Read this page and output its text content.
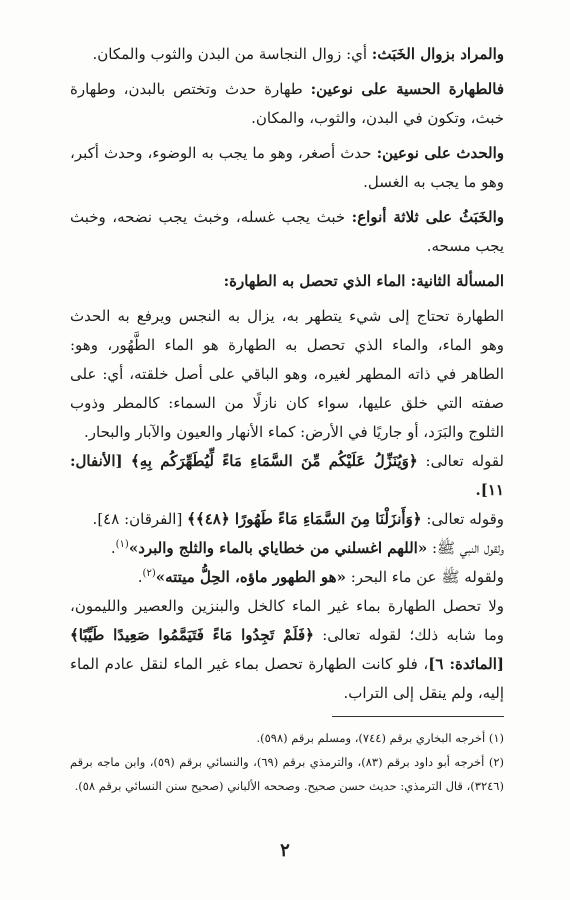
والمراد بزوال الخَبَث: أي: زوال النجاسة من البدن والثوب والمكان.

فالطهارة الحسية على نوعين: طهارة حدث وتختص بالبدن، وطهارة خبث، وتكون في البدن، والثوب، والمكان.

والحدث على نوعين: حدث أصغر، وهو ما يجب به الوضوء، وحدث أكبر، وهو ما يجب به الغسل.

والخَبَثُ على ثلاثة أنواع: خبث يجب غسله، وخبث يجب نضحه، وخبث يجب مسحه.

المسألة الثانية: الماء الذي تحصل به الطهارة:

الطهارة تحتاج إلى شيء يتطهر به، يزال به النجس ويرفع به الحدث وهو الماء، والماء الذي تحصل به الطهارة هو الماء الطَّهُور، وهو: الطاهر في ذاته المطهر لغيره، وهو الباقي على أصل خلقته، أي: على صفته التي خلق عليها، سواء كان نازلًا من السماء: كالمطر وذوب الثلوج والبَرَد، أو جاريًا في الأرض: كماء الأنهار والعيون والآبار والبحار.

لقوله تعالى: ﴿وَيُنَزِّلُ عَلَيْكُم مِّنَ السَّمَاءِ مَاءً لِّيُطَهِّرَكُم بِهِ﴾ [الأنفال: ١١].

وقوله تعالى: ﴿وَأَنزَلْنَا مِنَ السَّمَاءِ مَاءً طَهُورًا ﴿٤٨﴾﴾ [الفرقان: ٤٨].

ولقول النبي ﷺ: «اللهم اغسلني من خطاياي بالماء والثلج والبرد»$^{(١)}$.

ولقوله ﷺ عن ماء البحر: «هو الطهور ماؤه، الحِلُّ ميتته»$^{(٢)}$.

ولا تحصل الطهارة بماء غير الماء كالخل والبنزين والعصير والليمون، وما شابه ذلك؛ لقوله تعالى: ﴿فَلَمْ تَجِدُوا مَاءً فَتَيَمَّمُوا صَعِيدًا طَيِّبًا﴾ [المائدة: ٦]، فلو كانت الطهارة تحصل بماء غير الماء لنقل عادم الماء إليه، ولم ينقل إلى التراب.

(١) أخرجه البخاري برقم (٧٤٤)، ومسلم برقم (٥٩٨).

(٢) أخرجه أبو داود برقم (٨٣)، والترمذي برقم (٦٩)، والنسائي برقم (٥٩)، وابن ماجه برقم (٣٢٤٦)، قال الترمذي: حديث حسن صحيح. وصححه الألباني (صحيح سنن النسائي برقم ٥٨).

٢
